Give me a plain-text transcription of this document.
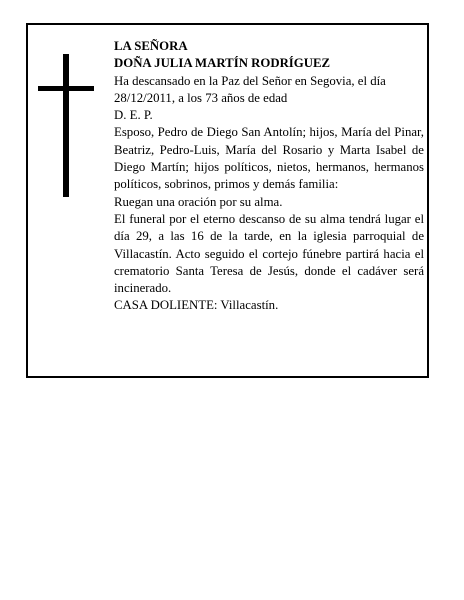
LA SEÑORA

DOÑA JULIA MARTÍN RODRÍGUEZ

Ha descansado en la Paz del Señor en Segovia, el día 28/12/2011, a los 73 años de edad

D. E. P.

Esposo, Pedro de Diego San Antolín; hijos, María del Pinar, Beatriz, Pedro-Luis, María del Rosario y Marta Isabel de Diego Martín; hijos políticos, nietos, hermanos, hermanos políticos, sobrinos, primos y demás familia:

Ruegan una oración por su alma.

El funeral por el eterno descanso de su alma tendrá lugar el día 29, a las 16 de la tarde, en la iglesia parroquial de Villacastín. Acto seguido el cortejo fúnebre partirá hacia el crematorio Santa Teresa de Jesús, donde el cadáver será incinerado.

CASA DOLIENTE: Villacastín.
